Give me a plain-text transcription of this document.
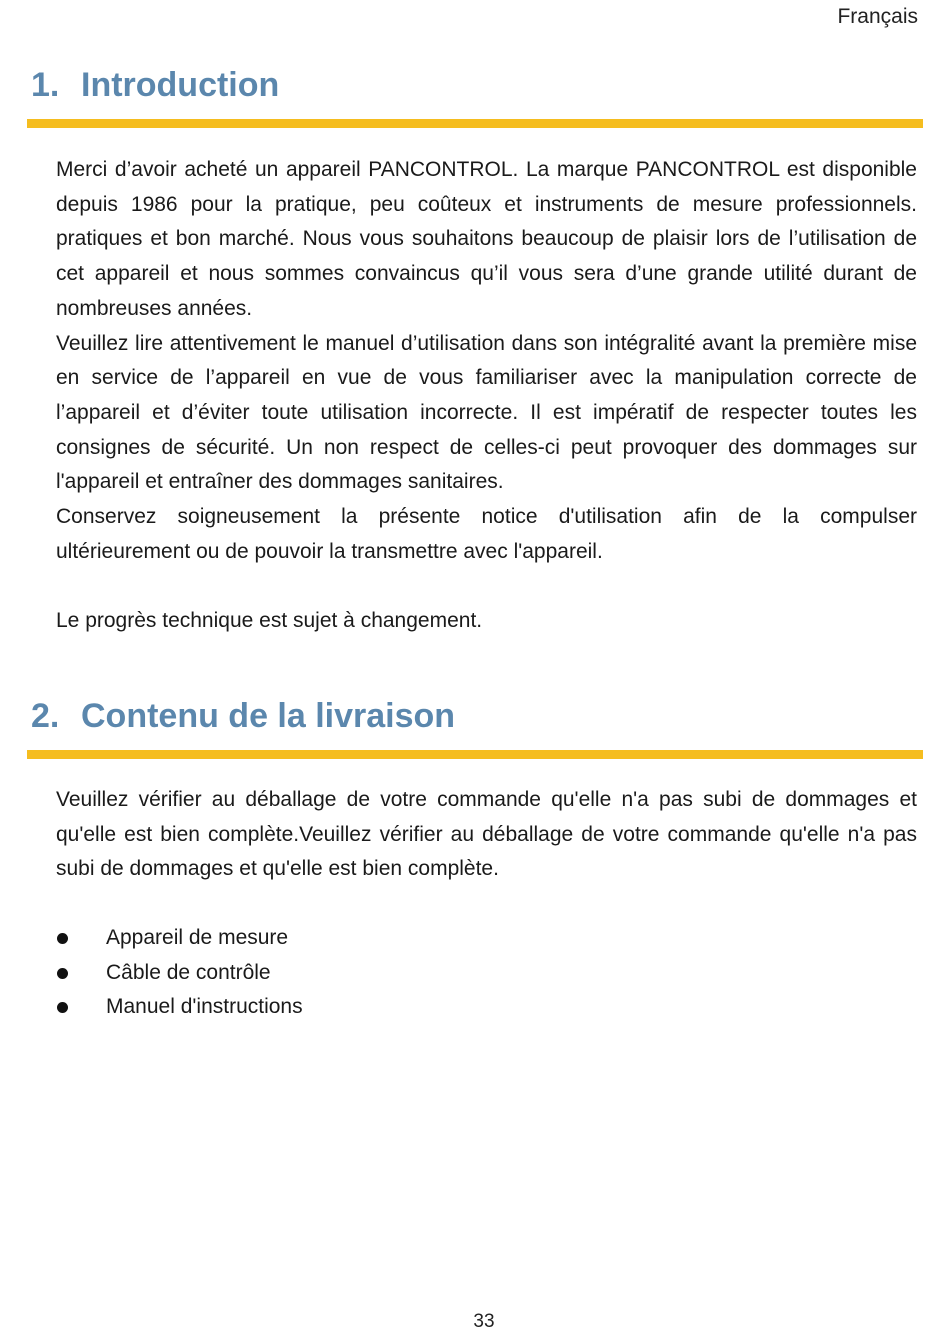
Français
1. Introduction

Merci d’avoir acheté un appareil PANCONTROL. La marque PANCONTROL est disponible depuis 1986 pour la pratique, peu coûteux et instruments de mesure professionnels. pratiques et bon marché. Nous vous souhaitons beaucoup de plaisir lors de l’utilisation de cet appareil et nous sommes convaincus qu’il vous sera d’une grande utilité durant de nombreuses années.

Veuillez lire attentivement le manuel d’utilisation dans son intégralité avant la première mise en service de l’appareil en vue de vous familiariser avec la manipulation correcte de l’appareil et d’éviter toute utilisation incorrecte. Il est impératif de respecter toutes les consignes de sécurité. Un non respect de celles-ci peut provoquer des dommages sur l'appareil et entraîner des dommages sanitaires.

Conservez soigneusement la présente notice d'utilisation afin de la compulser ultérieurement ou de pouvoir la transmettre avec l'appareil.

Le progrès technique est sujet à changement.

2. Contenu de la livraison

Veuillez vérifier au déballage de votre commande qu'elle n'a pas subi de dommages et qu'elle est bien complète.Veuillez vérifier au déballage de votre commande qu'elle n'a pas subi de dommages et qu'elle est bien complète.

Appareil de mesure
Câble de contrôle
Manuel d'instructions
33
